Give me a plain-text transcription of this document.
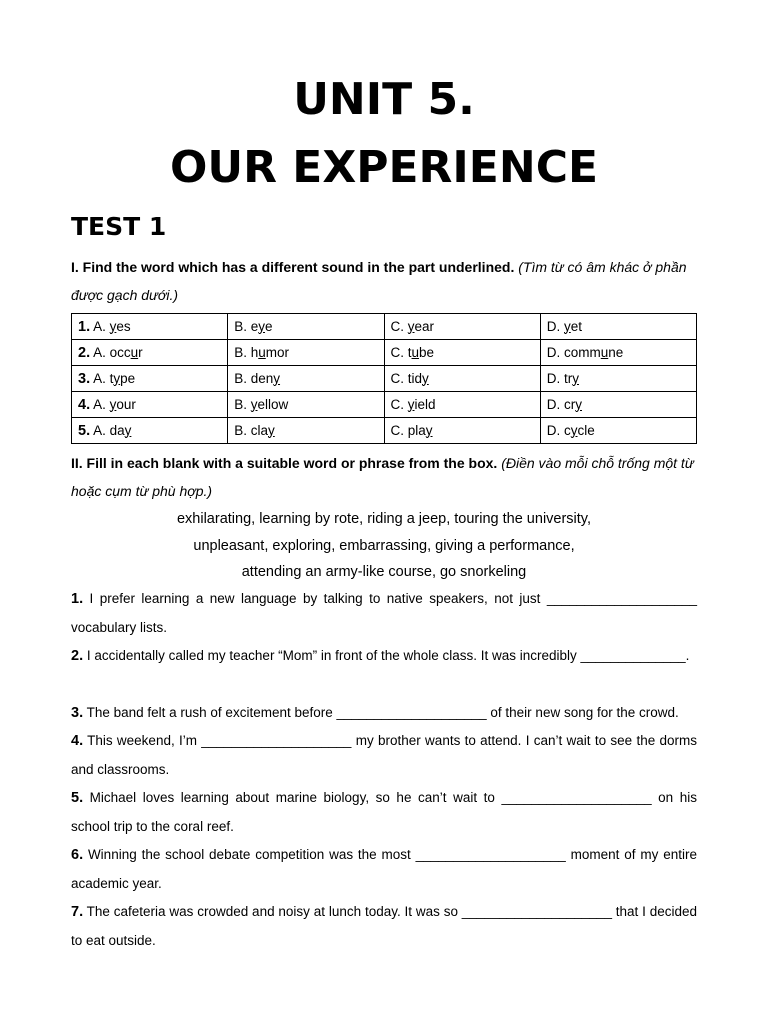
UNIT 5.
OUR EXPERIENCE
TEST 1
I. Find the word which has a different sound in the part underlined. (Tìm từ có âm khác ở phần được gạch dưới.)
1. A. yes	B. eye	C. year	D. yet
2. A. occur	B. humor	C. tube	D. commune
3. A. type	B. deny	C. tidy	D. try
4. A. your	B. yellow	C. yield	D. cry
5. A. day	B. clay	C. play	D. cycle
II. Fill in each blank with a suitable word or phrase from the box. (Điền vào mỗi chỗ trống một từ hoặc cụm từ phù hợp.)
exhilarating, learning by rote, riding a jeep, touring the university,
unpleasant, exploring, embarrassing, giving a performance,
attending an army-like course, go snorkeling
1. I prefer learning a new language by talking to native speakers, not just ____________________ vocabulary lists.
2. I accidentally called my teacher “Mom” in front of the whole class. It was incredibly ______________.
3. The band felt a rush of excitement before ____________________ of their new song for the crowd.
4. This weekend, I’m ____________________ my brother wants to attend. I can’t wait to see the dorms and classrooms.
5. Michael loves learning about marine biology, so he can’t wait to ____________________ on his school trip to the coral reef.
6. Winning the school debate competition was the most ____________________ moment of my entire academic year.
7. The cafeteria was crowded and noisy at lunch today. It was so ____________________ that I decided to eat outside.
